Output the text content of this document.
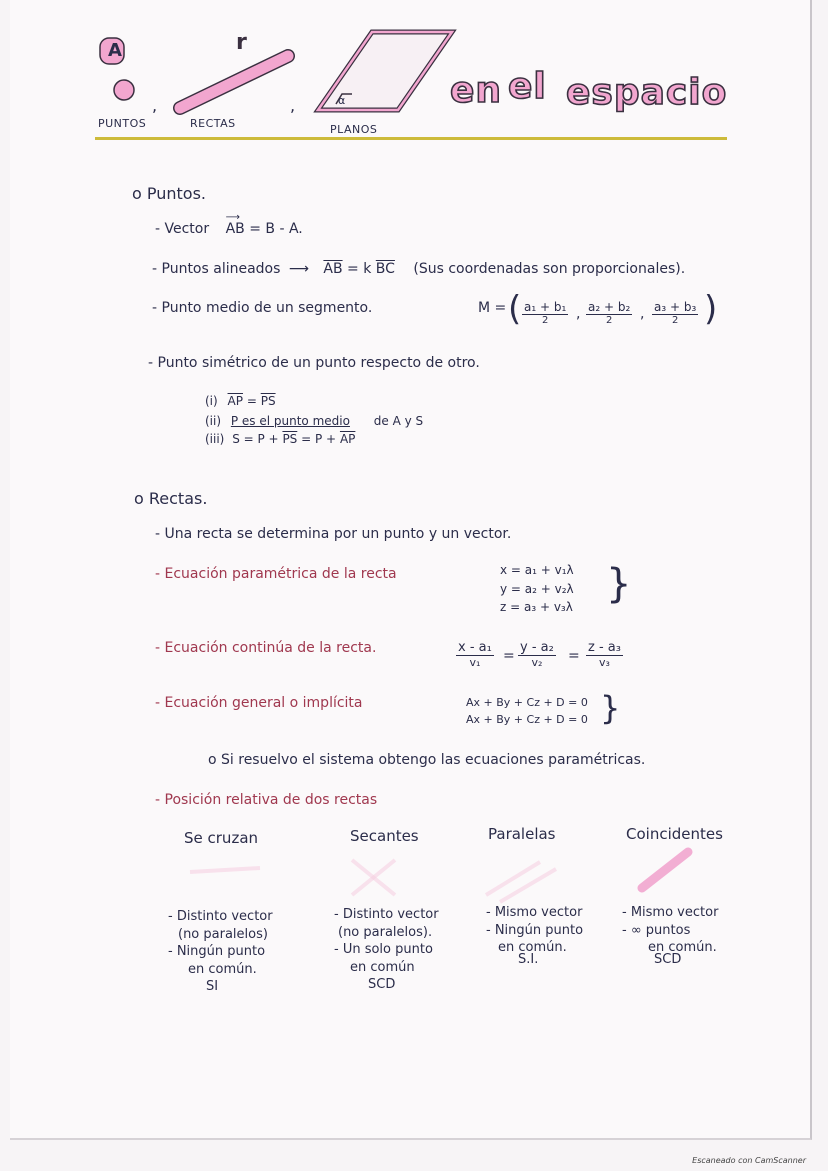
A	r
α
,	,
PUNTOS	RECTAS	PLANOS
en el espacio
o Puntos.
- Vector
⟶
AB = B - A.
- Puntos alineados ⟶ $\overline{AB} = k$ $\overline{BC}$ (Sus coordenadas son proporcionales).
- Punto medio de un segmento.	M = ( a₁ + b₁
2	, a₂ + b₂
2	, a₃ + b₃
2 )
- Punto simétrico de un punto respecto de otro.
(i) $\overline{AP} = \overline{PS}$
(ii) P es el punto medio de A y S
(iii) $S = P + \overline{PS} = P + \overline{AP}$
o Rectas.
- Una recta se determina por un punto y un vector.
- Ecuación paramétrica de la recta	x = a₁ + v₁λ
y = a₂ + v₂λ
z = a₃ + v₃λ }
- Ecuación continúa de la recta.	x - a₁
v₁	=
y - a₂
v₂	=
z - a₃
v₃
- Ecuación general o implícita	Ax + By + Cz + D = 0
Ax + By + Cz + D = 0 }
o Si resuelvo el sistema obtengo las ecuaciones paramétricas.
- Posición relativa de dos rectas
Se cruzan
- Distinto vector
(no paralelos)
- Ningún punto
en común.
SI
Secantes
- Distinto vector
(no paralelos).
- Un solo punto
en común
SCD
Paralelas
- Mismo vector
- Ningún punto
en común.
S.I.
Coincidentes
- Mismo vector
- ∞ puntos
en común.
SCD
Escaneado con CamScanner
